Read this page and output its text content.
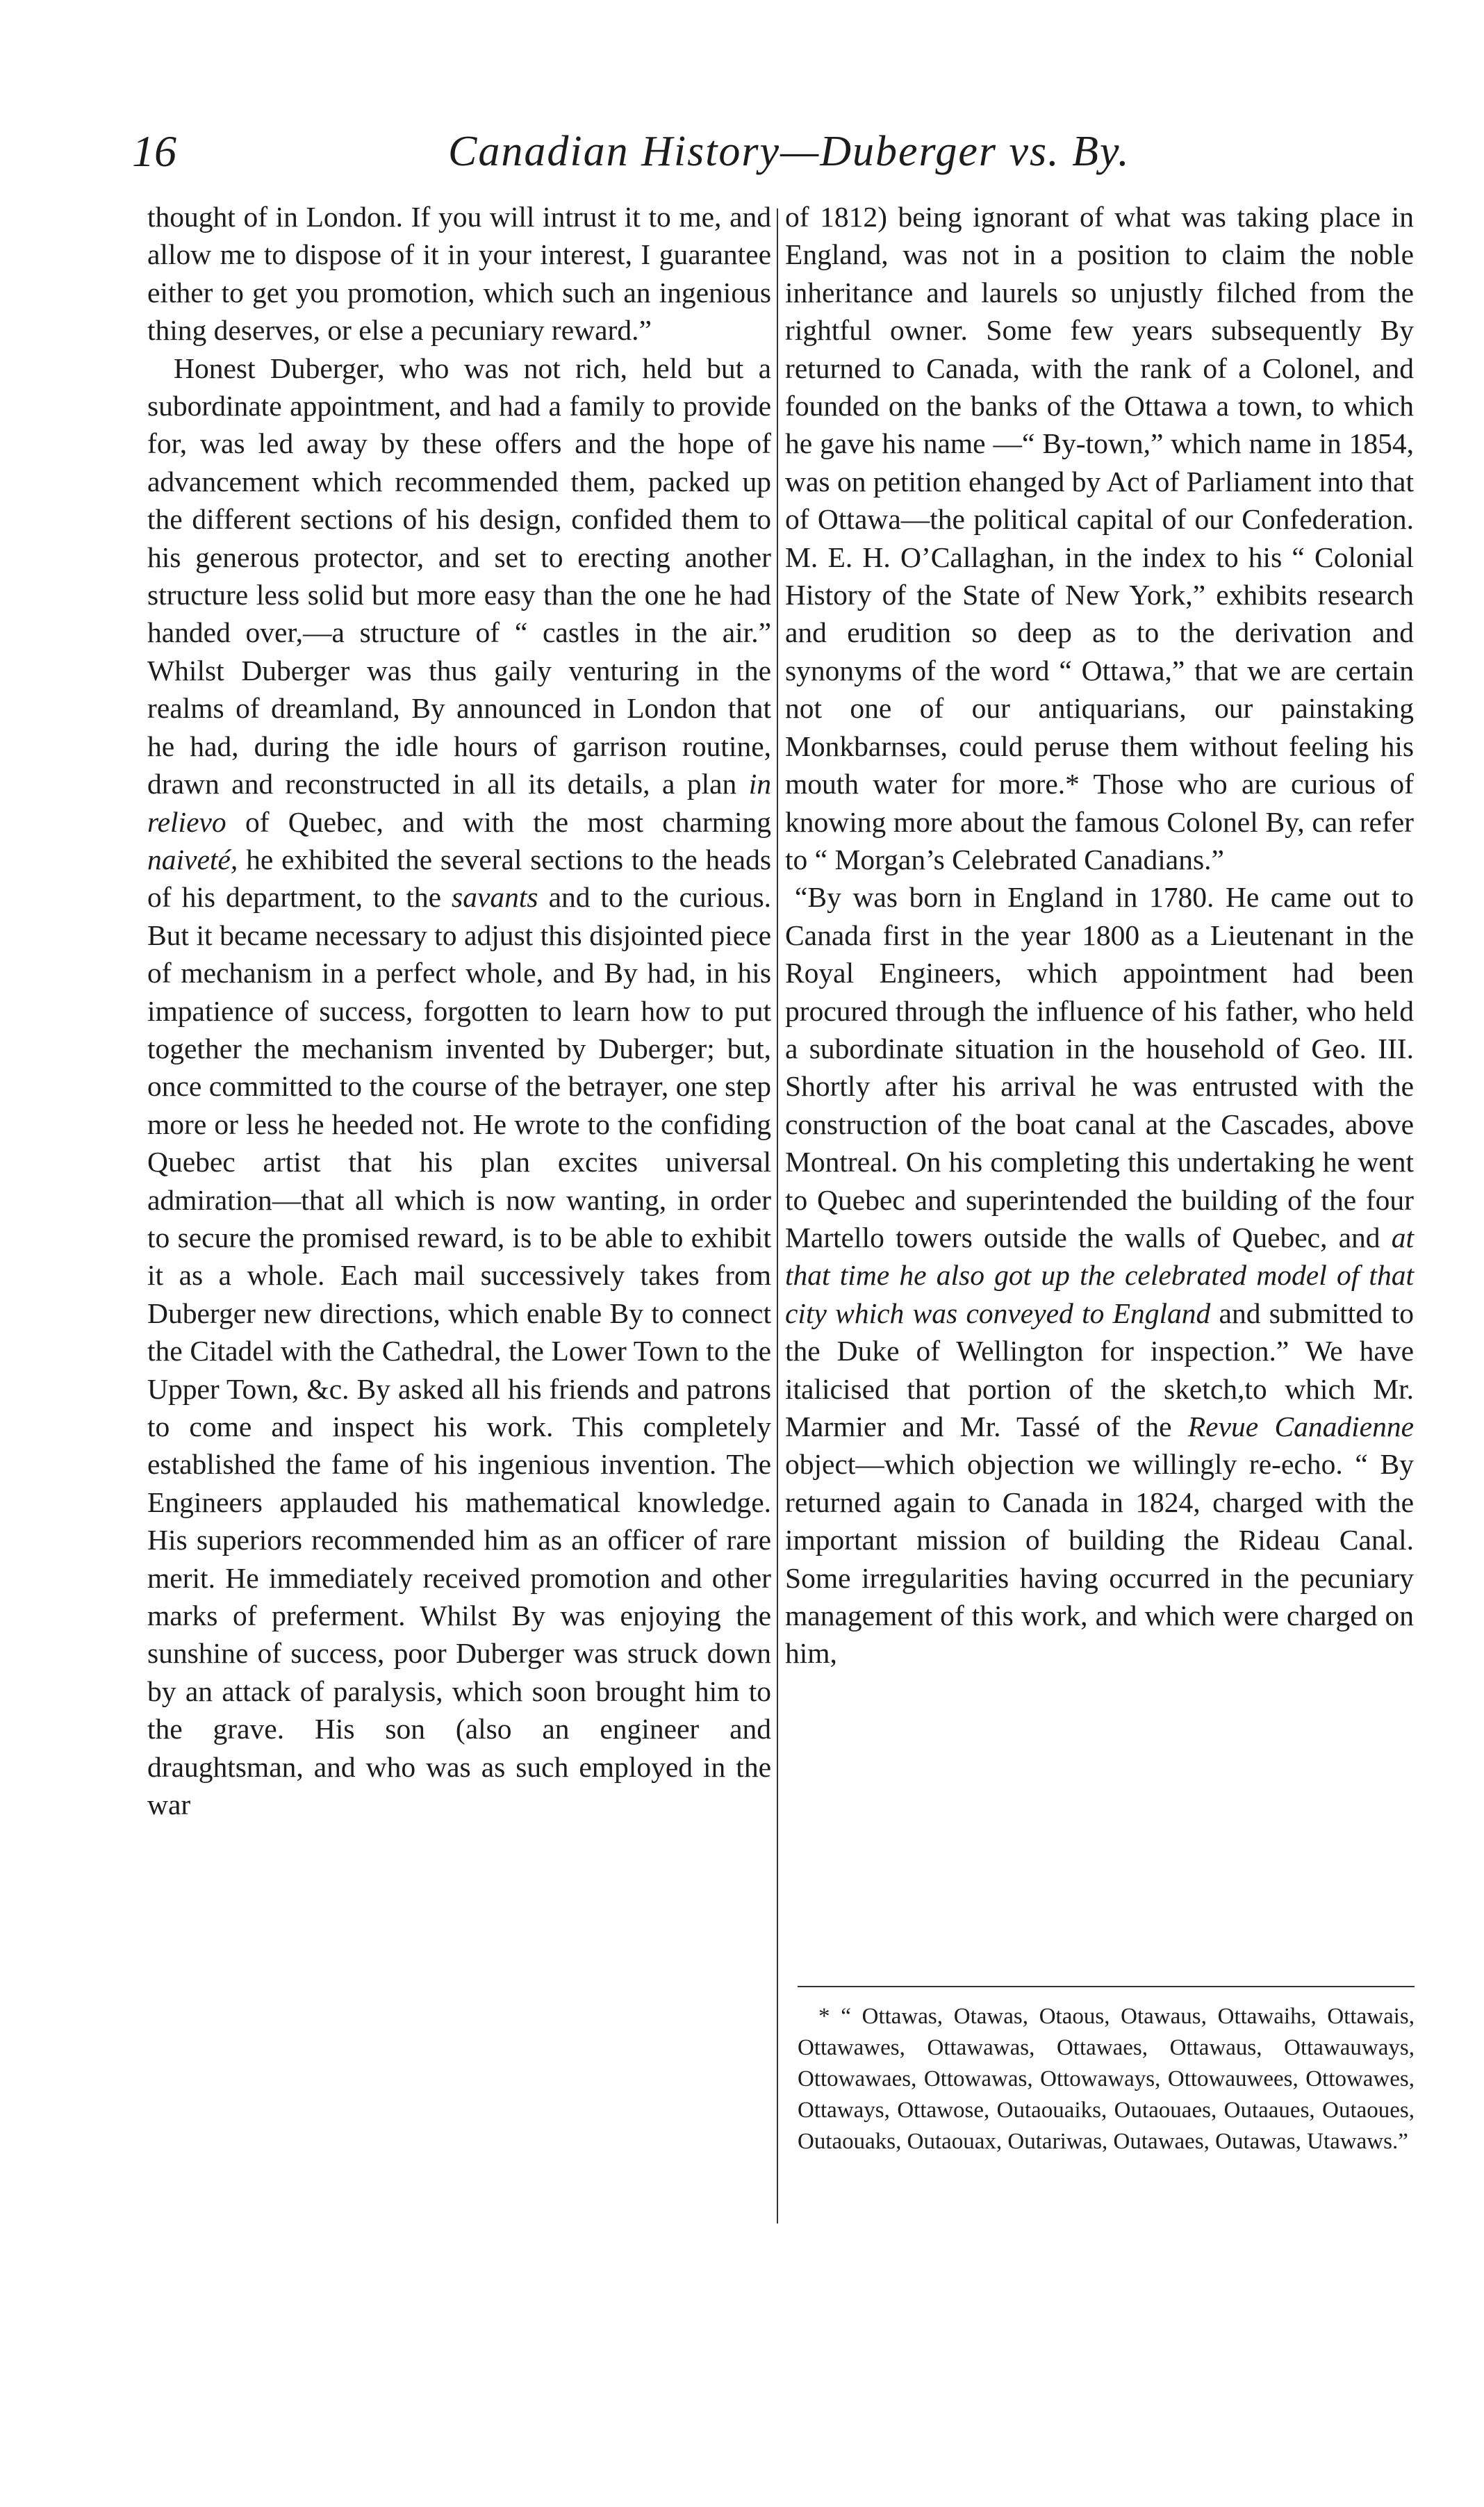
16	Canadian History—Duberger vs. By.

thought of in London. If you will intrust it to me, and allow me to dispose of it in your interest, I guarantee either to get you promotion, which such an ingenious thing deserves, or else a pecuniary reward.”

Honest Duberger, who was not rich, held but a subordinate appointment, and had a family to provide for, was led away by these offers and the hope of advancement which recommended them, packed up the different sections of his design, confided them to his generous protector, and set to erecting another structure less solid but more easy than the one he had handed over,—a structure of “ castles in the air.” Whilst Duberger was thus gaily venturing in the realms of dreamland, By announced in London that he had, during the idle hours of garrison routine, drawn and reconstructed in all its details, a plan in relievo of Quebec, and with the most charming naiveté, he exhibited the several sections to the heads of his department, to the savants and to the curious. But it became necessary to adjust this disjointed piece of mechanism in a perfect whole, and By had, in his impatience of success, forgotten to learn how to put together the mechanism invented by Duberger; but, once committed to the course of the betrayer, one step more or less he heeded not. He wrote to the confiding Quebec artist that his plan excites universal admiration—that all which is now wanting, in order to secure the promised reward, is to be able to exhibit it as a whole. Each mail successively takes from Duberger new directions, which enable By to connect the Citadel with the Cathedral, the Lower Town to the Upper Town, &c. By asked all his friends and patrons to come and inspect his work. This completely established the fame of his ingenious invention. The Engineers applauded his mathematical knowledge. His superiors recommended him as an officer of rare merit. He immediately received promotion and other marks of preferment. Whilst By was enjoying the sunshine of success, poor Duberger was struck down by an attack of paralysis, which soon brought him to the grave. His son (also an engineer and draughtsman, and who was as such employed in the war

of 1812) being ignorant of what was taking place in England, was not in a position to claim the noble inheritance and laurels so unjustly filched from the rightful owner. Some few years subsequently By returned to Canada, with the rank of a Colonel, and founded on the banks of the Ottawa a town, to which he gave his name —“ By-town,” which name in 1854, was on petition ehanged by Act of Parliament into that of Ottawa—the political capital of our Confederation. M. E. H. O’Callaghan, in the index to his “ Colonial History of the State of New York,” exhibits research and erudition so deep as to the derivation and synonyms of the word “ Ottawa,” that we are certain not one of our antiquarians, our painstaking Monkbarnses, could peruse them without feeling his mouth water for more.* Those who are curious of knowing more about the famous Colonel By, can refer to “ Morgan’s Celebrated Canadians.”

“By was born in England in 1780. He came out to Canada first in the year 1800 as a Lieutenant in the Royal Engineers, which appointment had been procured through the influence of his father, who held a subordinate situation in the household of Geo. III. Shortly after his arrival he was entrusted with the construction of the boat canal at the Cascades, above Montreal. On his completing this undertaking he went to Quebec and superintended the building of the four Martello towers outside the walls of Quebec, and at that time he also got up the celebrated model of that city which was conveyed to England and submitted to the Duke of Wellington for inspection.” We have italicised that portion of the sketch,to which Mr. Marmier and Mr. Tassé of the Revue Canadienne object—which objection we willingly re-echo. “ By returned again to Canada in 1824, charged with the important mission of building the Rideau Canal. Some irregularities having occurred in the pecuniary management of this work, and which were charged on him,

* “ Ottawas, Otawas, Otaous, Otawaus, Ottawaihs, Ottawais, Ottawawes, Ottawawas, Ottawaes, Ottawaus, Ottawauways, Ottowawaes, Ottowawas, Ottowaways, Ottowauwees, Ottowawes, Ottaways, Ottawose, Outaouaiks, Outaouaes, Outaaues, Outaoues, Outaouaks, Outaouax, Outariwas, Outawaes, Outawas, Utawaws.”
